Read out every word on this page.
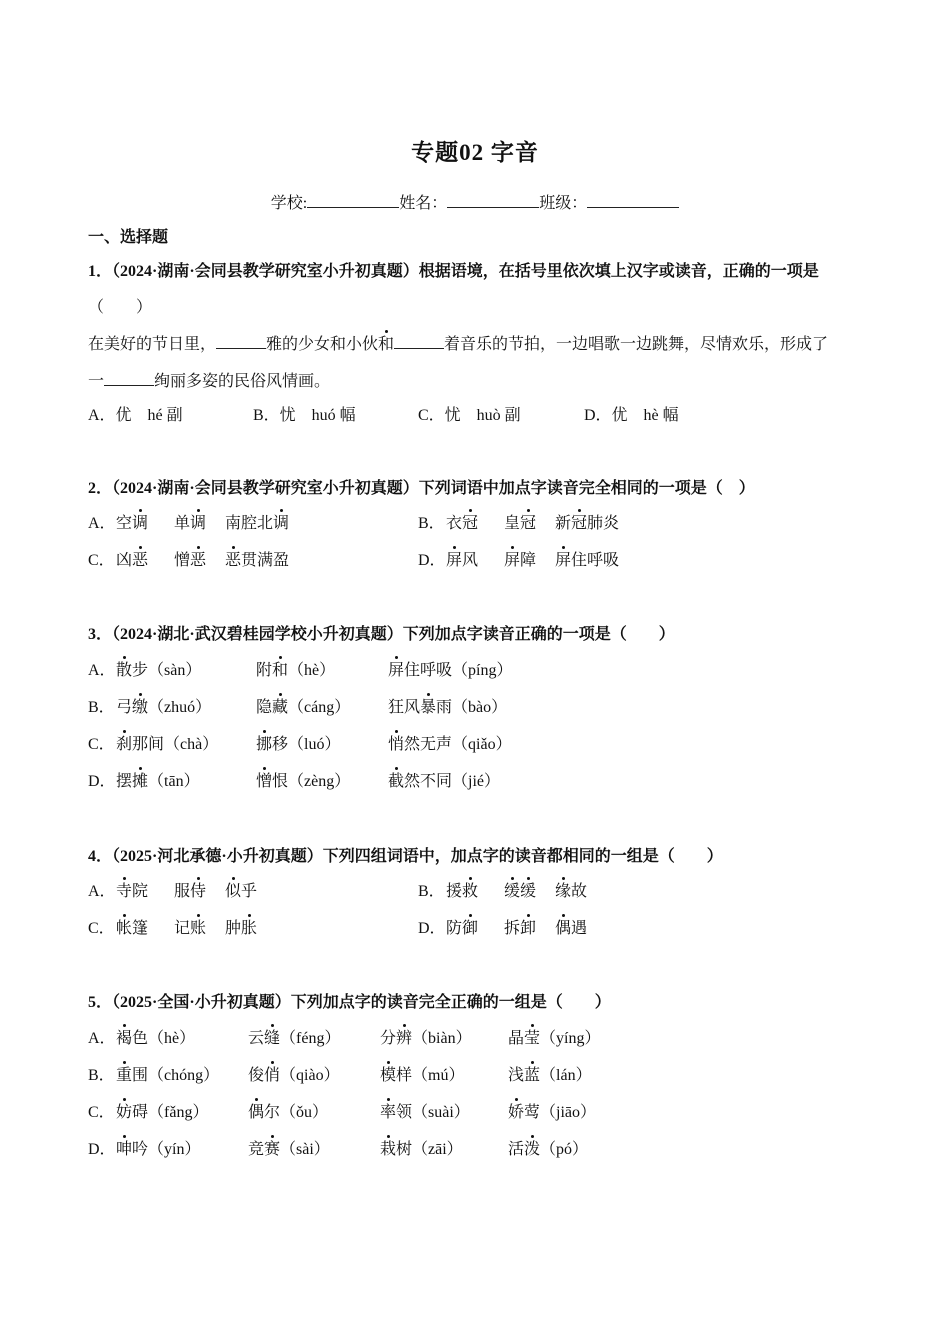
专题02 字音
学校:	姓名：	班级：
一、选择题
1．（2024·湖南·会同县教学研究室小升初真题）根据语境，在括号里依次填上汉字或读音，正确的一项是
（　　）
在美好的节日里，	雅的少女和小伙和	着音乐的节拍，一边唱歌一边跳舞，尽情欢乐，形成了
一	绚丽多姿的民俗风情画。
A．优　hé 副	B．忧　huó 幅	C．忧　huò 副	D．优　hè 幅
2．（2024·湖南·会同县教学研究室小升初真题）下列词语中加点字读音完全相同的一项是（　）
A． 空调 单调 南腔北调	B． 衣冠 皇冠 新冠肺炎
C． 凶恶 憎恶 恶贯满盈	D． 屏风 屏障 屏住呼吸
3．（2024·湖北·武汉碧桂园学校小升初真题）下列加点字读音正确的一项是（　　）
A． 散步（sàn）	附和（hè）	屏住呼吸（píng）
B． 弓缴（zhuó）	隐藏（cáng） 狂风暴雨（bào）
C． 刹那间（chà） 挪移（luó）	悄然无声（qiǎo）
D． 摆摊（tān）	憎恨（zèng） 截然不同（jié）
4．（2025·河北承德·小升初真题）下列四组词语中，加点字的读音都相同的一组是（　　）
A． 寺院 服侍 似乎	B． 援救 缓缓 缘故
C． 帐篷 记账 肿胀	D． 防御 拆卸 偶遇
5．（2025·全国·小升初真题）下列加点字的读音完全正确的一组是（　　）
A． 褐色（hè）	云缝（féng） 分辨（biàn） 晶莹（yíng）
B． 重围（chóng） 俊俏（qiào）	模样（mú）	浅蓝（lán）
C． 妨碍（fǎng） 偶尔（ǒu）	率领（suài） 娇莺（jiāo）
D． 呻吟（yín）	竞赛（sài）	栽树（zāi）	活泼（pó）
